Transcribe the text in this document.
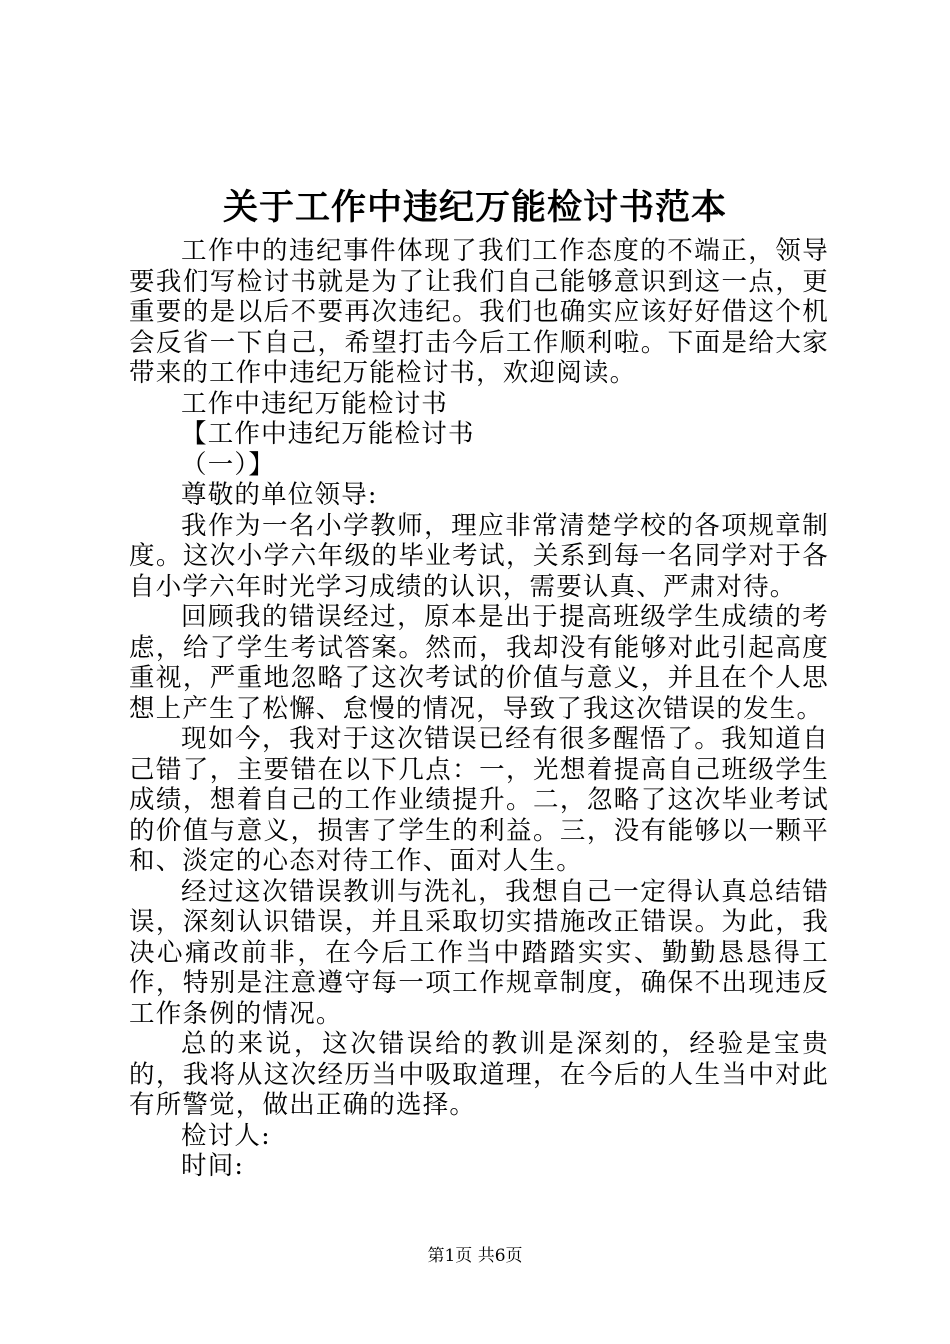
关于工作中违纪万能检讨书范本

工作中的违纪事件体现了我们工作态度的不端正，领导要我们写检讨书就是为了让我们自己能够意识到这一点，更重要的是以后不要再次违纪。我们也确实应该好好借这个机会反省一下自己，希望打击今后工作顺利啦。下面是给大家带来的工作中违纪万能检讨书，欢迎阅读。

工作中违纪万能检讨书

【工作中违纪万能检讨书

（一）】

尊敬的单位领导:

我作为一名小学教师，理应非常清楚学校的各项规章制度。这次小学六年级的毕业考试，关系到每一名同学对于各自小学六年时光学习成绩的认识，需要认真、严肃对待。

回顾我的错误经过，原本是出于提高班级学生成绩的考虑，给了学生考试答案。然而，我却没有能够对此引起高度重视，严重地忽略了这次考试的价值与意义，并且在个人思想上产生了松懈、怠慢的情况，导致了我这次错误的发生。

现如今，我对于这次错误已经有很多醒悟了。我知道自己错了，主要错在以下几点：一，光想着提高自己班级学生成绩，想着自己的工作业绩提升。二，忽略了这次毕业考试的价值与意义，损害了学生的利益。三，没有能够以一颗平和、淡定的心态对待工作、面对人生。

经过这次错误教训与洗礼，我想自己一定得认真总结错误，深刻认识错误，并且采取切实措施改正错误。为此，我决心痛改前非，在今后工作当中踏踏实实、勤勤恳恳得工作，特别是注意遵守每一项工作规章制度，确保不出现违反工作条例的情况。

总的来说，这次错误给的教训是深刻的，经验是宝贵的，我将从这次经历当中吸取道理，在今后的人生当中对此有所警觉，做出正确的选择。

检讨人:

时间:

第1页 共6页
